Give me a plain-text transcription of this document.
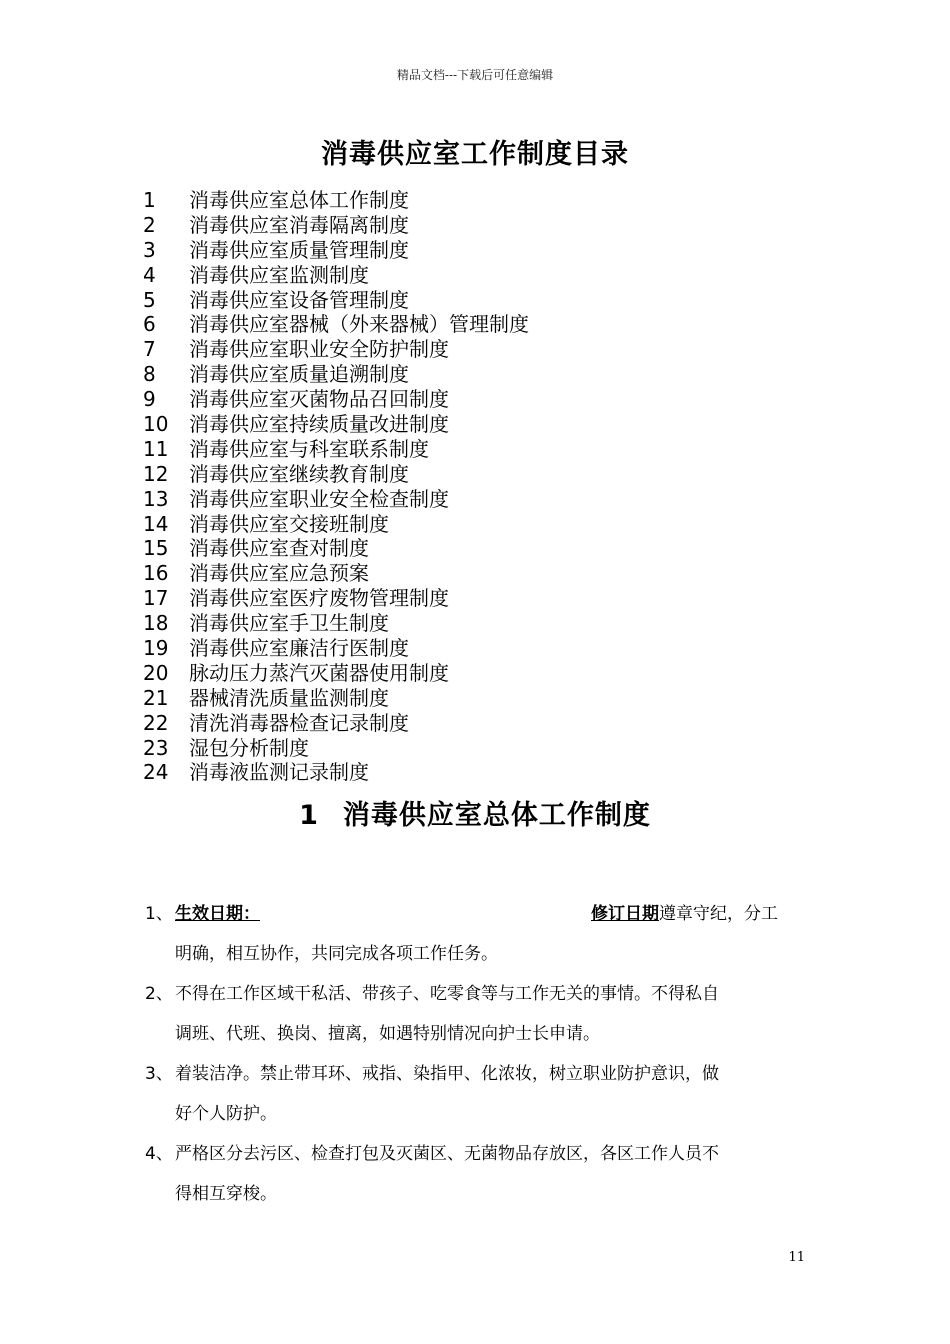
精品文档---下载后可任意编辑
消毒供应室工作制度目录
1 消毒供应室总体工作制度
2 消毒供应室消毒隔离制度
3 消毒供应室质量管理制度
4 消毒供应室监测制度
5 消毒供应室设备管理制度
6 消毒供应室器械（外来器械）管理制度
7 消毒供应室职业安全防护制度
8 消毒供应室质量追溯制度
9 消毒供应室灭菌物品召回制度
10 消毒供应室持续质量改进制度
11 消毒供应室与科室联系制度
12 消毒供应室继续教育制度
13 消毒供应室职业安全检查制度
14 消毒供应室交接班制度
15 消毒供应室查对制度
16 消毒供应室应急预案
17 消毒供应室医疗废物管理制度
18 消毒供应室手卫生制度
19 消毒供应室廉洁行医制度
20 脉动压力蒸汽灭菌器使用制度
21 器械清洗质量监测制度
22 清洗消毒器检查记录制度
23 湿包分析制度
24 消毒液监测记录制度
1 消毒供应室总体工作制度
1、 生效日期：	修订日期 遵章守纪，分工
明确，相互协作，共同完成各项工作任务。
2、 不得在工作区域干私活、带孩子、吃零食等与工作无关的事情。不得私自
调班、代班、换岗、擅离，如遇特别情况向护士长申请。
3、 着装洁净。禁止带耳环、戒指、染指甲、化浓妆，树立职业防护意识，做
好个人防护。
4、 严格区分去污区、检查打包及灭菌区、无菌物品存放区，各区工作人员不
得相互穿梭。
11
